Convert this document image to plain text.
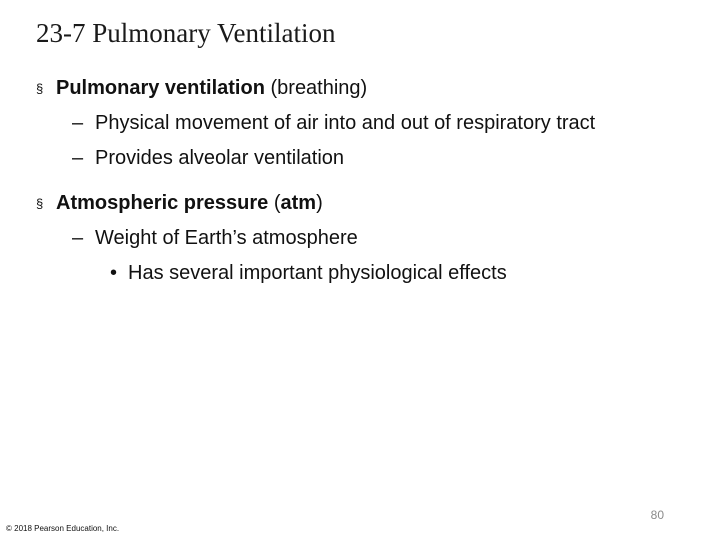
23-7 Pulmonary Ventilation
§ Pulmonary ventilation (breathing)
– Physical movement of air into and out of respiratory tract
– Provides alveolar ventilation
§ Atmospheric pressure (atm)
– Weight of Earth’s atmosphere
• Has several important physiological effects
80
© 2018 Pearson Education, Inc.
